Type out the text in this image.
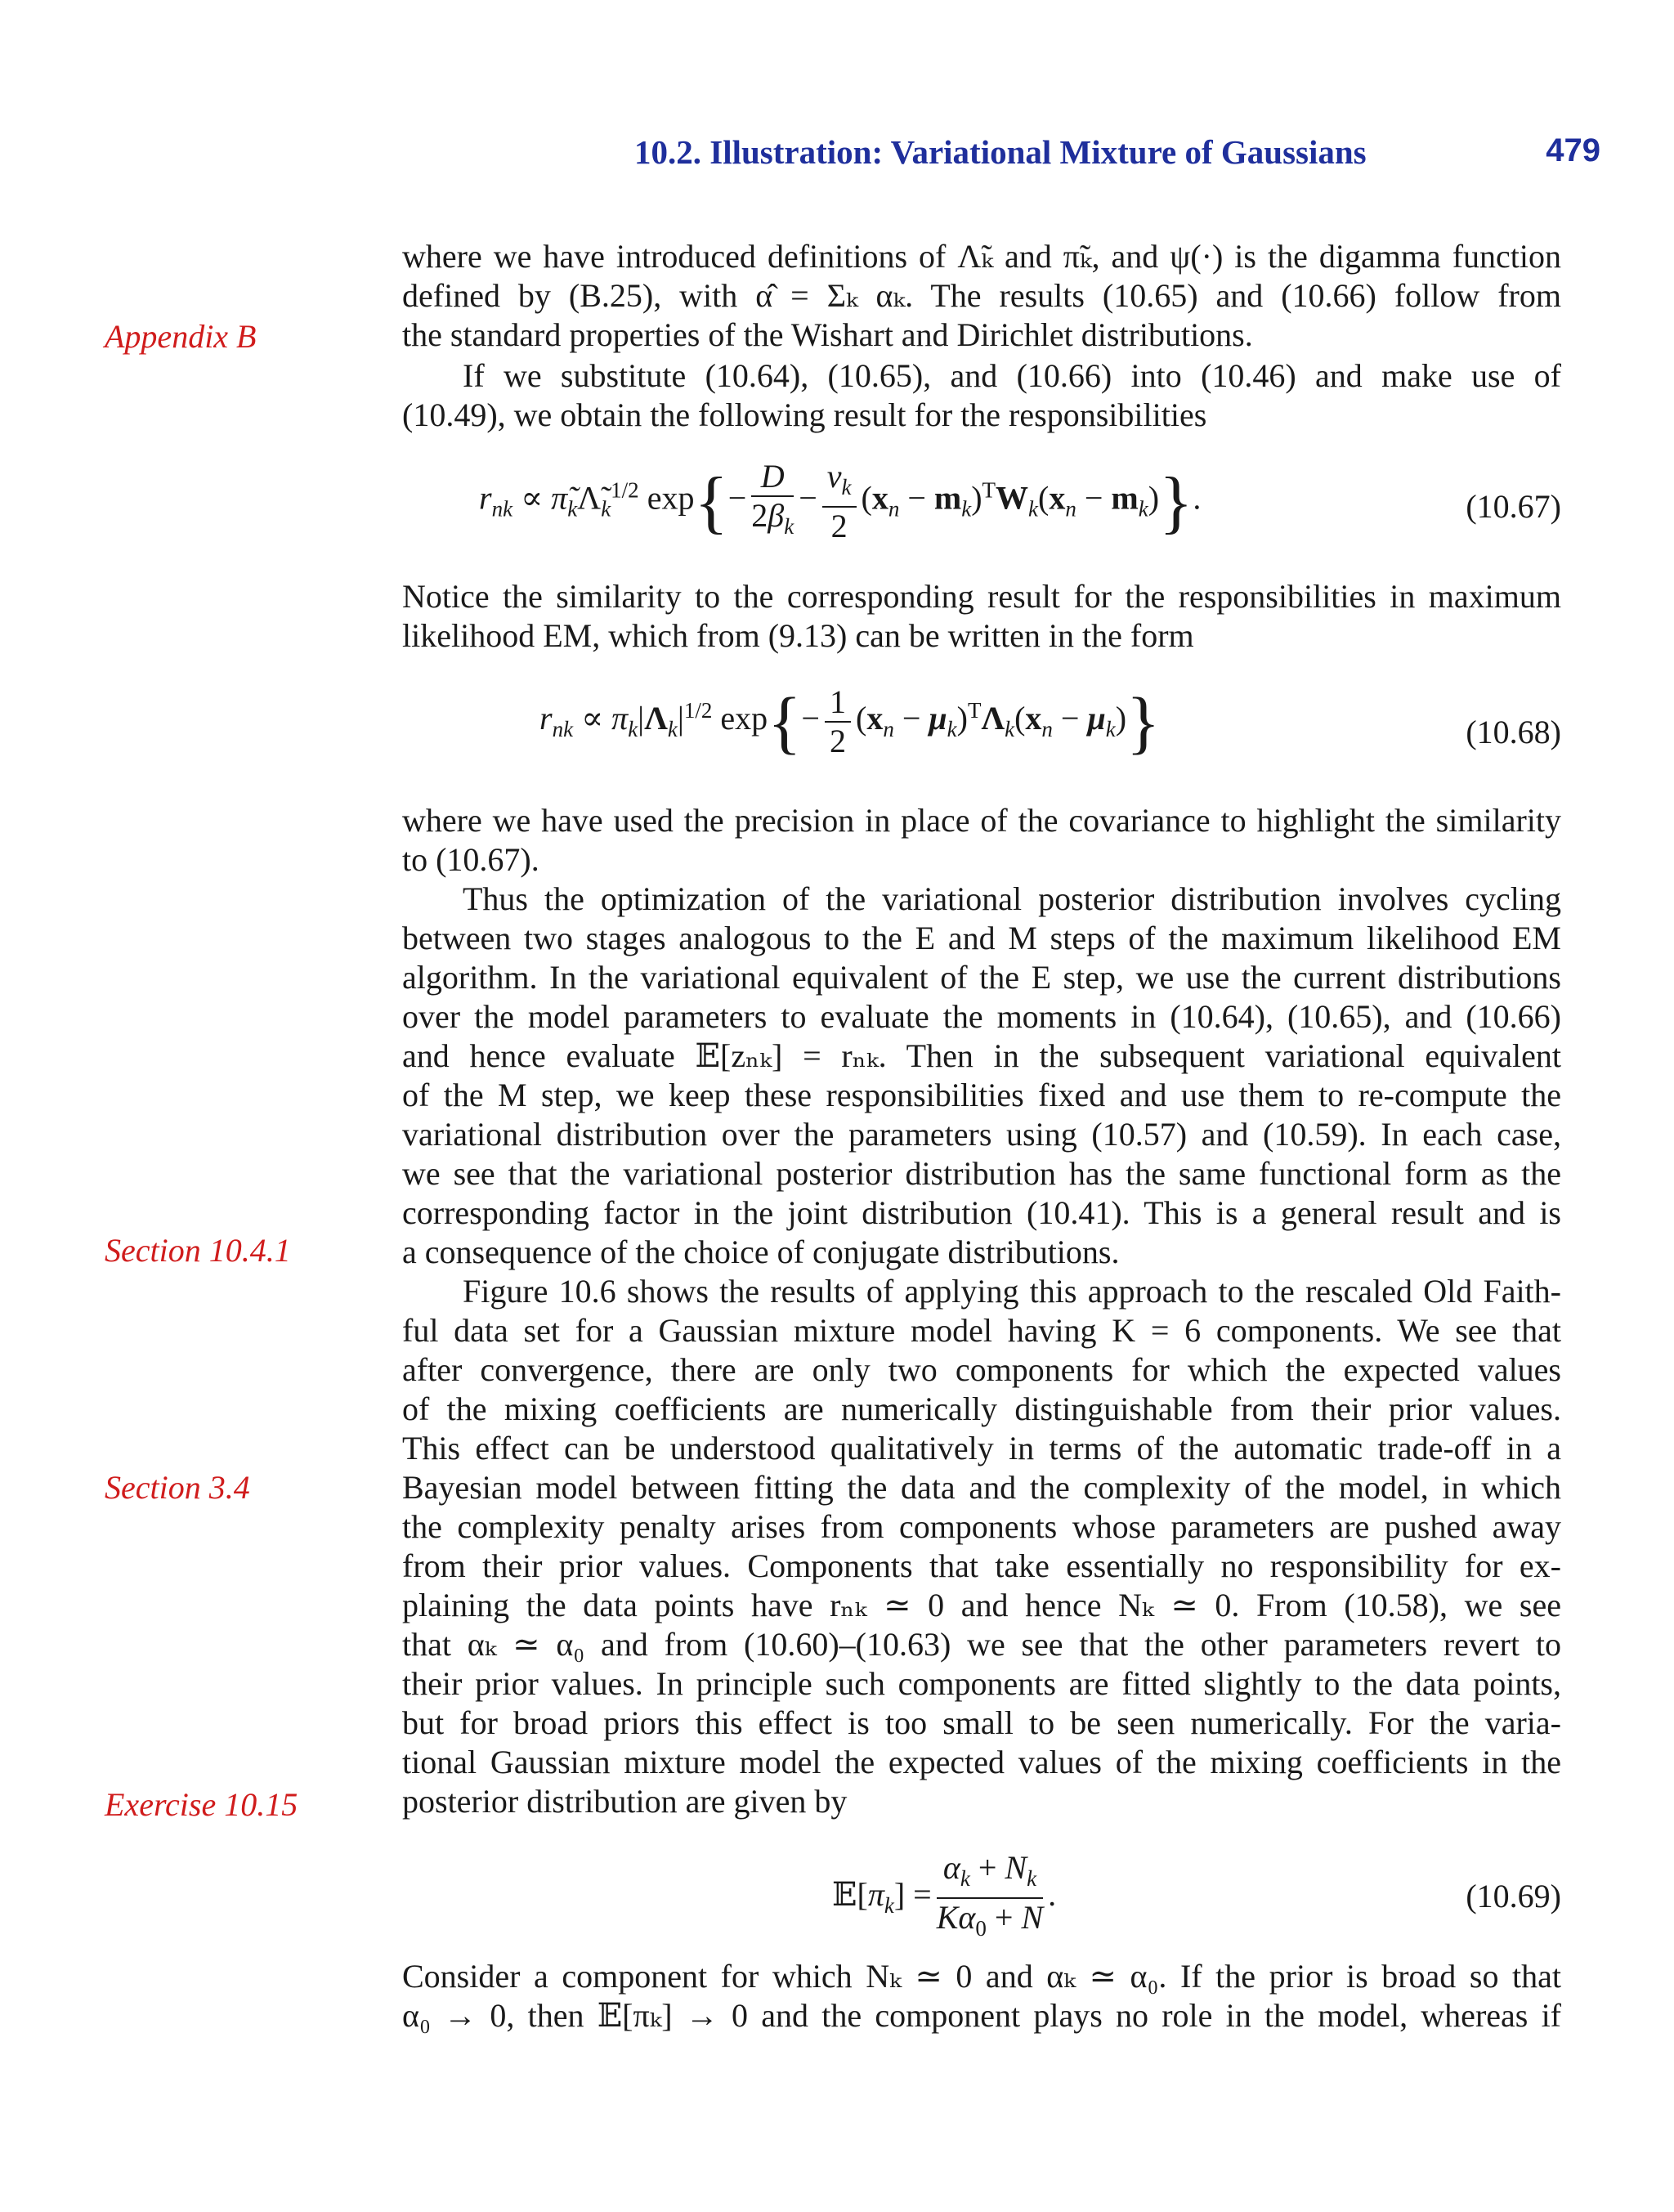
10.2. Illustration: Variational Mixture of Gaussians	479
Appendix B
Section 10.4.1
Section 3.4
Exercise 10.15
where we have introduced definitions of Λ̃ₖ and π̃ₖ, and ψ(·) is the digamma function
defined by (B.25), with α̂ = Σₖ αₖ. The results (10.65) and (10.66) follow from
the standard properties of the Wishart and Dirichlet distributions.
If we substitute (10.64), (10.65), and (10.66) into (10.46) and make use of
(10.49), we obtain the following result for the responsibilities
$r_{nk}$ ∝ $\pĩ_k\Lambdã_k^{1/2}$ $\exp\{- \frac{D}{2\beta_k} - \frac{\nu_k}{2} (x_n - m_k)^TW_k(x_n - m_k)\}$.	(10.67)
Notice the similarity to the corresponding result for the responsibilities in maximum
likelihood EM, which from (9.13) can be written in the form
$r_{nk} \propto \pi_k|\Lambda_k|^{1/2}$ $\exp\{- \frac{1}{2} (x_n - \mu_k)^T\Lambda_k(x_n - \mu_k)\}$	(10.68)
where we have used the precision in place of the covariance to highlight the similarity
to (10.67).
Thus the optimization of the variational posterior distribution involves cycling
between two stages analogous to the E and M steps of the maximum likelihood EM
algorithm. In the variational equivalent of the E step, we use the current distributions
over the model parameters to evaluate the moments in (10.64), (10.65), and (10.66)
and hence evaluate 𝔼[zₙₖ] = rₙₖ. Then in the subsequent variational equivalent
of the M step, we keep these responsibilities fixed and use them to re-compute the
variational distribution over the parameters using (10.57) and (10.59). In each case,
we see that the variational posterior distribution has the same functional form as the
corresponding factor in the joint distribution (10.41). This is a general result and is
a consequence of the choice of conjugate distributions.
Figure 10.6 shows the results of applying this approach to the rescaled Old Faith-
ful data set for a Gaussian mixture model having K = 6 components. We see that
after convergence, there are only two components for which the expected values
of the mixing coefficients are numerically distinguishable from their prior values.
This effect can be understood qualitatively in terms of the automatic trade-off in a
Bayesian model between fitting the data and the complexity of the model, in which
the complexity penalty arises from components whose parameters are pushed away
from their prior values. Components that take essentially no responsibility for ex-
plaining the data points have rₙₖ ≃ 0 and hence Nₖ ≃ 0. From (10.58), we see
that αₖ ≃ α₀ and from (10.60)–(10.63) we see that the other parameters revert to
their prior values. In principle such components are fitted slightly to the data points,
but for broad priors this effect is too small to be seen numerically. For the varia-
tional Gaussian mixture model the expected values of the mixing coefficients in the
posterior distribution are given by
$𝔼[\pi_k] = \frac{\alpha_k + N_k}{K\alpha_0 + N}$ .	(10.69)
Consider a component for which Nₖ ≃ 0 and αₖ ≃ α₀. If the prior is broad so that
α₀ → 0, then 𝔼[πₖ] → 0 and the component plays no role in the model, whereas if
